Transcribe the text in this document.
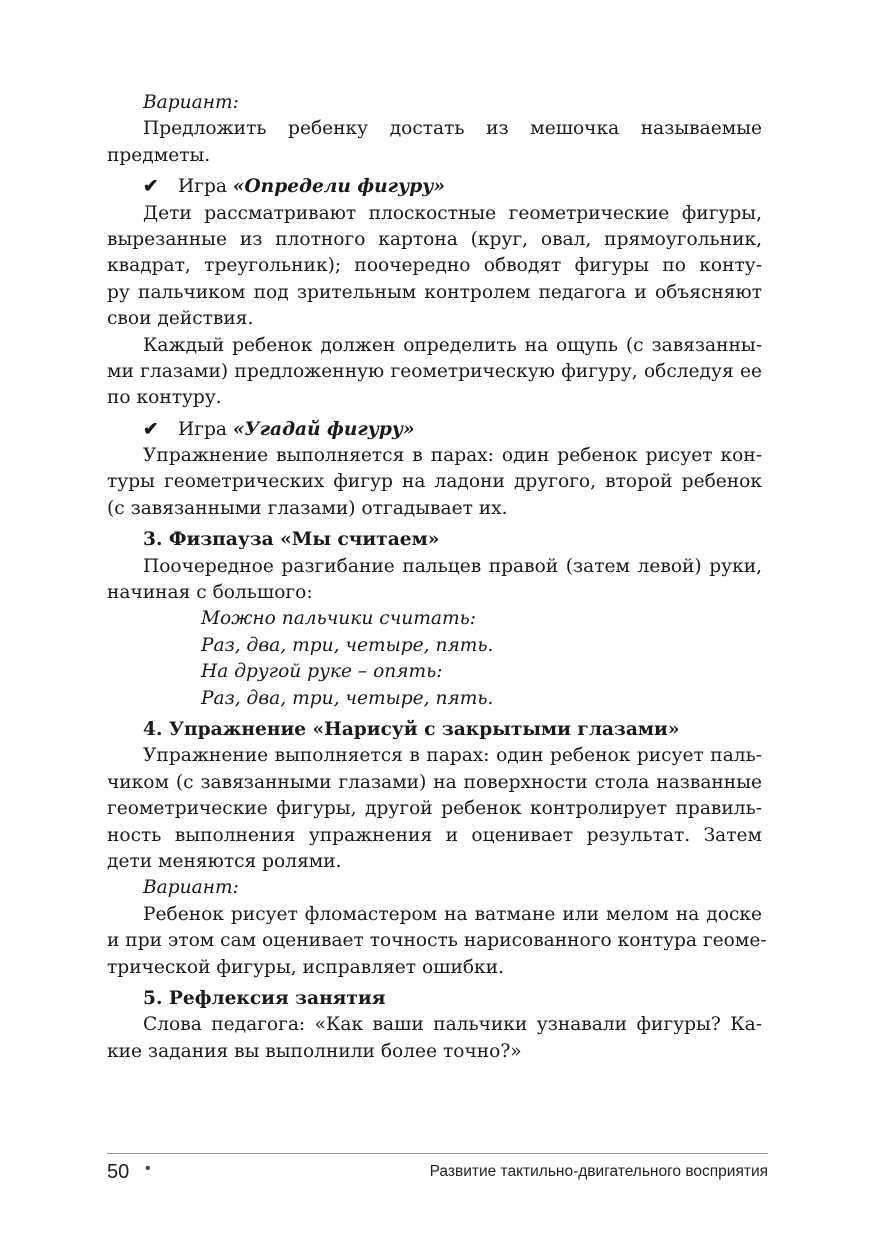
Вариант:
Предложить ребенку достать из мешочка называемые
предметы.
✔ Игра «Определи фигуру»
Дети рассматривают плоскостные геометрические фигуры,
вырезанные из плотного картона (круг, овал, прямоугольник,
квадрат, треугольник); поочередно обводят фигуры по конту-
ру пальчиком под зрительным контролем педагога и объясняют
свои действия.
Каждый ребенок должен определить на ощупь (с завязанны-
ми глазами) предложенную геометрическую фигуру, обследуя ее
по контуру.
✔ Игра «Угадай фигуру»
Упражнение выполняется в парах: один ребенок рисует кон-
туры геометрических фигур на ладони другого, второй ребенок
(с завязанными глазами) отгадывает их.
3. Физпауза «Мы считаем»
Поочередное разгибание пальцев правой (затем левой) руки,
начиная с большого:
Можно пальчики считать:
Раз, два, три, четыре, пять.
На другой руке – опять:
Раз, два, три, четыре, пять.
4. Упражнение «Нарисуй с закрытыми глазами»
Упражнение выполняется в парах: один ребенок рисует паль-
чиком (с завязанными глазами) на поверхности стола названные
геометрические фигуры, другой ребенок контролирует правиль-
ность выполнения упражнения и оценивает результат. Затем
дети меняются ролями.
Вариант:
Ребенок рисует фломастером на ватмане или мелом на доске
и при этом сам оценивает точность нарисованного контура геоме-
трической фигуры, исправляет ошибки.
5. Рефлексия занятия
Слова педагога: «Как ваши пальчики узнавали фигуры? Ка-
кие задания вы выполнили более точно?»
50 •	Развитие тактильно-двигательного восприятия
